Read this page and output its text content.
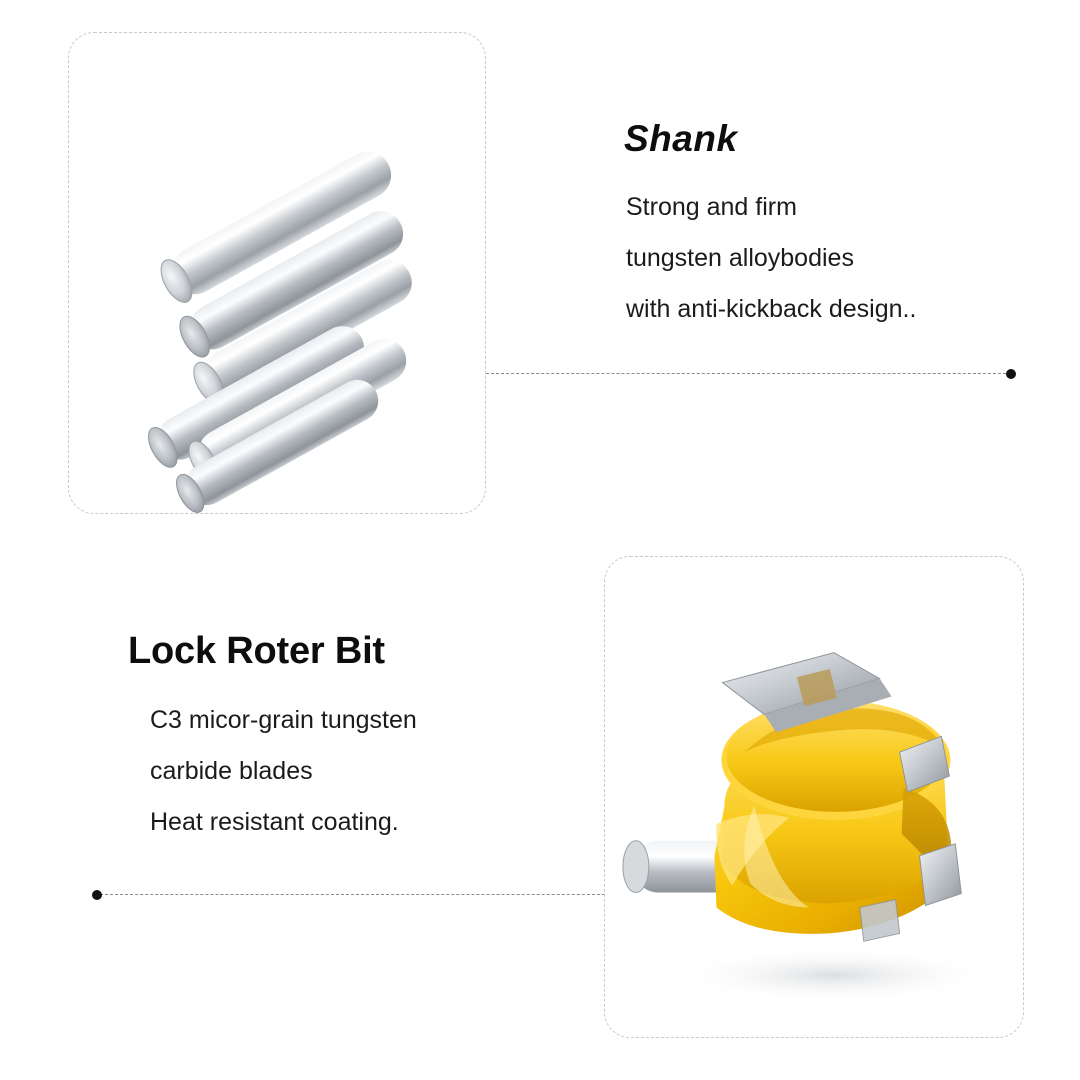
Shank
Strong and firm
tungsten alloybodies
with anti-kickback design..
Lock Roter Bit
C3 micor-grain tungsten
carbide blades
Heat resistant coating.
